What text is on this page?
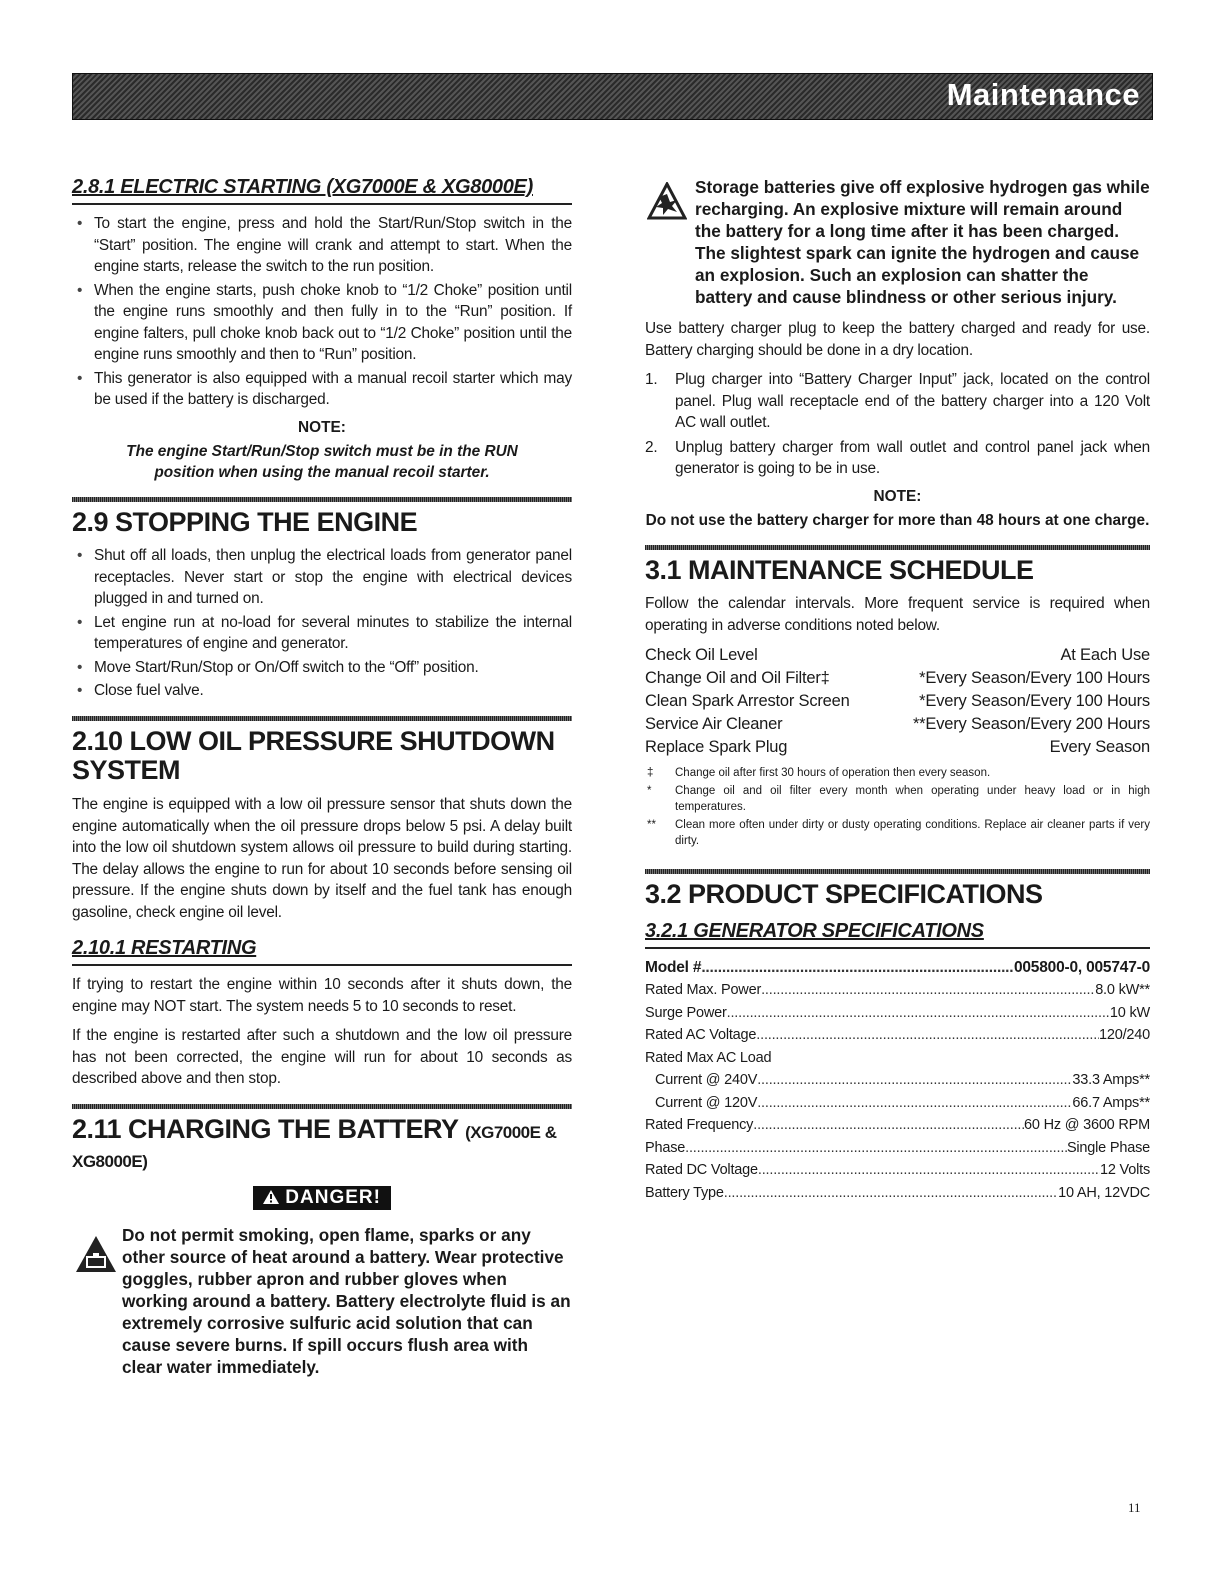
Maintenance
2.8.1 ELECTRIC STARTING (XG7000E & XG8000E)
• To start the engine, press and hold the Start/Run/Stop switch in the “Start” position. The engine will crank and attempt to start. When the engine starts, release the switch to the run position.
• When the engine starts, push choke knob to “1/2 Choke” position until the engine runs smoothly and then fully in to the “Run” position. If engine falters, pull choke knob back out to “1/2 Choke” position until the engine runs smoothly and then to “Run” position.
• This generator is also equipped with a manual recoil starter which may be used if the battery is discharged.
NOTE:
The engine Start/Run/Stop switch must be in the RUN position when using the manual recoil starter.
2.9 STOPPING THE ENGINE
• Shut off all loads, then unplug the electrical loads from generator panel receptacles. Never start or stop the engine with electrical devices plugged in and turned on.
• Let engine run at no-load for several minutes to stabilize the internal temperatures of engine and generator.
• Move Start/Run/Stop or On/Off switch to the “Off” position.
• Close fuel valve.
2.10 LOW OIL PRESSURE SHUTDOWN SYSTEM

The engine is equipped with a low oil pressure sensor that shuts down the engine automatically when the oil pressure drops below 5 psi. A delay built into the low oil shutdown system allows oil pressure to build during starting. The delay allows the engine to run for about 10 seconds before sensing oil pressure. If the engine shuts down by itself and the fuel tank has enough gasoline, check engine oil level.

2.10.1 RESTARTING

If trying to restart the engine within 10 seconds after it shuts down, the engine may NOT start. The system needs 5 to 10 seconds to reset.

If the engine is restarted after such a shutdown and the low oil pressure has not been corrected, the engine will run for about 10 seconds as described above and then stop.

2.11 CHARGING THE BATTERY (XG7000E & XG8000E)
DANGER!
Do not permit smoking, open flame, sparks or any other source of heat around a battery. Wear protective goggles, rubber apron and rubber gloves when working around a battery. Battery electrolyte fluid is an extremely corrosive sulfuric acid solution that can cause severe burns. If spill occurs flush area with clear water immediately.
Storage batteries give off explosive hydrogen gas while recharging. An explosive mixture will remain around the battery for a long time after it has been charged. The slightest spark can ignite the hydrogen and cause an explosion. Such an explosion can shatter the battery and cause blindness or other serious injury.

Use battery charger plug to keep the battery charged and ready for use. Battery charging should be done in a dry location.

1. Plug charger into “Battery Charger Input” jack, located on the control panel. Plug wall receptacle end of the battery charger into a 120 Volt AC wall outlet.
2. Unplug battery charger from wall outlet and control panel jack when generator is going to be in use.
NOTE:
Do not use the battery charger for more than 48 hours at one charge.
3.1 MAINTENANCE SCHEDULE

Follow the calendar intervals. More frequent service is required when operating in adverse conditions noted below.

Check Oil Level	At Each Use
Change Oil and Oil Filter‡	*Every Season/Every 100 Hours
Clean Spark Arrestor Screen	*Every Season/Every 100 Hours
Service Air Cleaner	**Every Season/Every 200 Hours
Replace Spark Plug	Every Season
‡ Change oil after first 30 hours of operation then every season.
* Change oil and oil filter every month when operating under heavy load or in high temperatures.
** Clean more often under dirty or dusty operating conditions. Replace air cleaner parts if very dirty.
3.2 PRODUCT SPECIFICATIONS
3.2.1 GENERATOR SPECIFICATIONS
Model # .....	005800-0, 005747-0
Rated Max. Power .....	8.0 kW**
Surge Power .....	10 kW
Rated AC Voltage .....	120/240
Rated Max AC Load
Current @ 240V .....	33.3 Amps**
Current @ 120V .....	66.7 Amps**
Rated Frequency .....	60 Hz @ 3600 RPM
Phase .....	Single Phase
Rated DC Voltage .....	12 Volts
Battery Type .....	10 AH, 12VDC
11
